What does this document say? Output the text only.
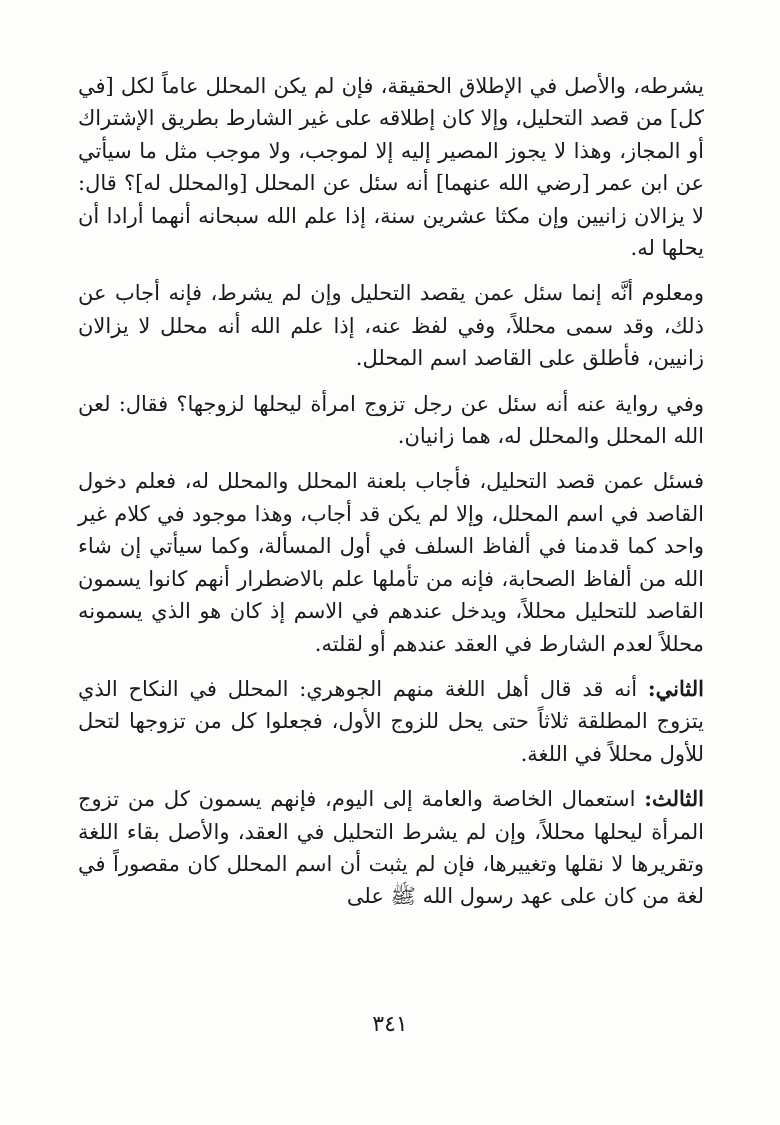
يشرطه، والأصل في الإطلاق الحقيقة، فإن لم يكن المحلل عاماً لكل [في كل] من قصد التحليل، وإلا كان إطلاقه على غير الشارط بطريق الإشتراك أو المجاز، وهذا لا يجوز المصير إليه إلا لموجب، ولا موجب مثل ما سيأتي عن ابن عمر [رضي الله عنهما] أنه سئل عن المحلل [والمحلل له]؟ قال: لا يزالان زانيين وإن مكثا عشرين سنة، إذا علم الله سبحانه أنهما أرادا أن يحلها له.

ومعلوم أنَّه إنما سئل عمن يقصد التحليل وإن لم يشرط، فإنه أجاب عن ذلك، وقد سمى محللاً، وفي لفظ عنه، إذا علم الله أنه محلل لا يزالان زانيين، فأطلق على القاصد اسم المحلل.

وفي رواية عنه أنه سئل عن رجل تزوج امرأة ليحلها لزوجها؟ فقال: لعن الله المحلل والمحلل له، هما زانيان.

فسئل عمن قصد التحليل، فأجاب بلعنة المحلل والمحلل له، فعلم دخول القاصد في اسم المحلل، وإلا لم يكن قد أجاب، وهذا موجود في كلام غير واحد كما قدمنا في ألفاظ السلف في أول المسألة، وكما سيأتي إن شاء الله من ألفاظ الصحابة، فإنه من تأملها علم بالاضطرار أنهم كانوا يسمون القاصد للتحليل محللاً، ويدخل عندهم في الاسم إذ كان هو الذي يسمونه محللاً لعدم الشارط في العقد عندهم أو لقلته.

الثاني: أنه قد قال أهل اللغة منهم الجوهري: المحلل في النكاح الذي يتزوج المطلقة ثلاثاً حتى يحل للزوج الأول، فجعلوا كل من تزوجها لتحل للأول محللاً في اللغة.

الثالث: استعمال الخاصة والعامة إلى اليوم، فإنهم يسمون كل من تزوج المرأة ليحلها محللاً، وإن لم يشرط التحليل في العقد، والأصل بقاء اللغة وتقريرها لا نقلها وتغييرها، فإن لم يثبت أن اسم المحلل كان مقصوراً في لغة من كان على عهد رسول الله ﷺ على

٣٤١
